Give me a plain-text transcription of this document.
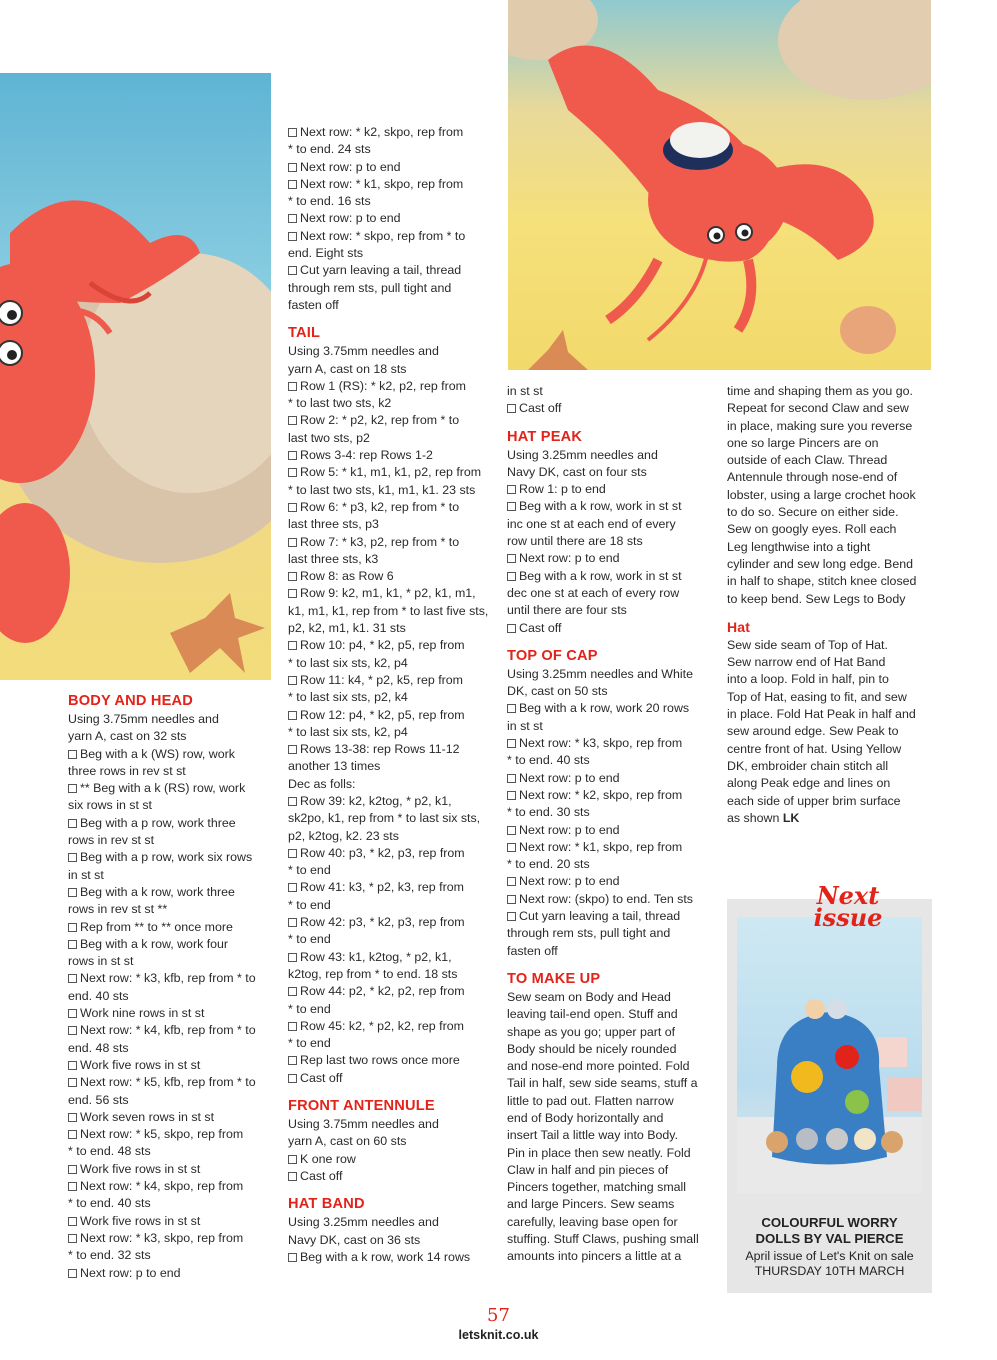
BODY AND HEAD

Using 3.75mm needles and

yarn A, cast on 32 sts

Beg with a k (WS) row, work

three rows in rev st st

** Beg with a k (RS) row, work

six rows in st st

Beg with a p row, work three

rows in rev st st

Beg with a p row, work six rows

in st st

Beg with a k row, work three

rows in rev st st **

Rep from ** to ** once more

Beg with a k row, work four

rows in st st

Next row: * k3, kfb, rep from * to

end. 40 sts

Work nine rows in st st

Next row: * k4, kfb, rep from * to

end. 48 sts

Work five rows in st st

Next row: * k5, kfb, rep from * to

end. 56 sts

Work seven rows in st st

Next row: * k5, skpo, rep from

* to end. 48 sts

Work five rows in st st

Next row: * k4, skpo, rep from

* to end. 40 sts

Work five rows in st st

Next row: * k3, skpo, rep from

* to end. 32 sts

Next row: p to end

Next row: * k2, skpo, rep from

* to end. 24 sts

Next row: p to end

Next row: * k1, skpo, rep from

* to end. 16 sts

Next row: p to end

Next row: * skpo, rep from * to

end. Eight sts

Cut yarn leaving a tail, thread

through rem sts, pull tight and

fasten off

TAIL

Using 3.75mm needles and

yarn A, cast on 18 sts

Row 1 (RS): * k2, p2, rep from

* to last two sts, k2

Row 2: * p2, k2, rep from * to

last two sts, p2

Rows 3-4: rep Rows 1-2

Row 5: * k1, m1, k1, p2, rep from

* to last two sts, k1, m1, k1. 23 sts

Row 6: * p3, k2, rep from * to

last three sts, p3

Row 7: * k3, p2, rep from * to

last three sts, k3

Row 8: as Row 6

Row 9: k2, m1, k1, * p2, k1, m1,

k1, m1, k1, rep from * to last five sts,

p2, k2, m1, k1. 31 sts

Row 10: p4, * k2, p5, rep from

* to last six sts, k2, p4

Row 11: k4, * p2, k5, rep from

* to last six sts, p2, k4

Row 12: p4, * k2, p5, rep from

* to last six sts, k2, p4

Rows 13-38: rep Rows 11-12

another 13 times

Dec as folls:

Row 39: k2, k2tog, * p2, k1,

sk2po, k1, rep from * to last six sts,

p2, k2tog, k2. 23 sts

Row 40: p3, * k2, p3, rep from

* to end

Row 41: k3, * p2, k3, rep from

* to end

Row 42: p3, * k2, p3, rep from

* to end

Row 43: k1, k2tog, * p2, k1,

k2tog, rep from * to end. 18 sts

Row 44: p2, * k2, p2, rep from

* to end

Row 45: k2, * p2, k2, rep from

* to end

Rep last two rows once more

Cast off

FRONT ANTENNULE

Using 3.75mm needles and

yarn A, cast on 60 sts

K one row

Cast off

HAT BAND

Using 3.25mm needles and

Navy DK, cast on 36 sts

Beg with a k row, work 14 rows

in st st

Cast off

HAT PEAK

Using 3.25mm needles and

Navy DK, cast on four sts

Row 1: p to end

Beg with a k row, work in st st

inc one st at each end of every

row until there are 18 sts

Next row: p to end

Beg with a k row, work in st st

dec one st at each of every row

until there are four sts

Cast off

TOP OF CAP

Using 3.25mm needles and White

DK, cast on 50 sts

Beg with a k row, work 20 rows

in st st

Next row: * k3, skpo, rep from

* to end. 40 sts

Next row: p to end

Next row: * k2, skpo, rep from

* to end. 30 sts

Next row: p to end

Next row: * k1, skpo, rep from

* to end. 20 sts

Next row: p to end

Next row: (skpo) to end. Ten sts

Cut yarn leaving a tail, thread

through rem sts, pull tight and

fasten off

TO MAKE UP

Sew seam on Body and Head

leaving tail-end open. Stuff and

shape as you go; upper part of

Body should be nicely rounded

and nose-end more pointed. Fold

Tail in half, sew side seams, stuff a

little to pad out. Flatten narrow

end of Body horizontally and

insert Tail a little way into Body.

Pin in place then sew neatly. Fold

Claw in half and pin pieces of

Pincers together, matching small

and large Pincers. Sew seams

carefully, leaving base open for

stuffing. Stuff Claws, pushing small

amounts into pincers a little at a

time and shaping them as you go.

Repeat for second Claw and sew

in place, making sure you reverse

one so large Pincers are on

outside of each Claw. Thread

Antennule through nose-end of

lobster, using a large crochet hook

to do so. Secure on either side.

Sew on googly eyes. Roll each

Leg lengthwise into a tight

cylinder and sew long edge. Bend

in half to shape, stitch knee closed

to keep bend. Sew Legs to Body

Hat

Sew side seam of Top of Hat.

Sew narrow end of Hat Band

into a loop. Fold in half, pin to

Top of Hat, easing to fit, and sew

in place. Fold Hat Peak in half and

sew around edge. Sew Peak to

centre front of hat. Using Yellow

DK, embroider chain stitch all

along Peak edge and lines on

each side of upper brim surface

as shown LK

Next
issue
COLOURFUL WORRY
DOLLS BY VAL PIERCE
April issue of Let's Knit on sale
THURSDAY 10TH MARCH
57
letsknit.co.uk
